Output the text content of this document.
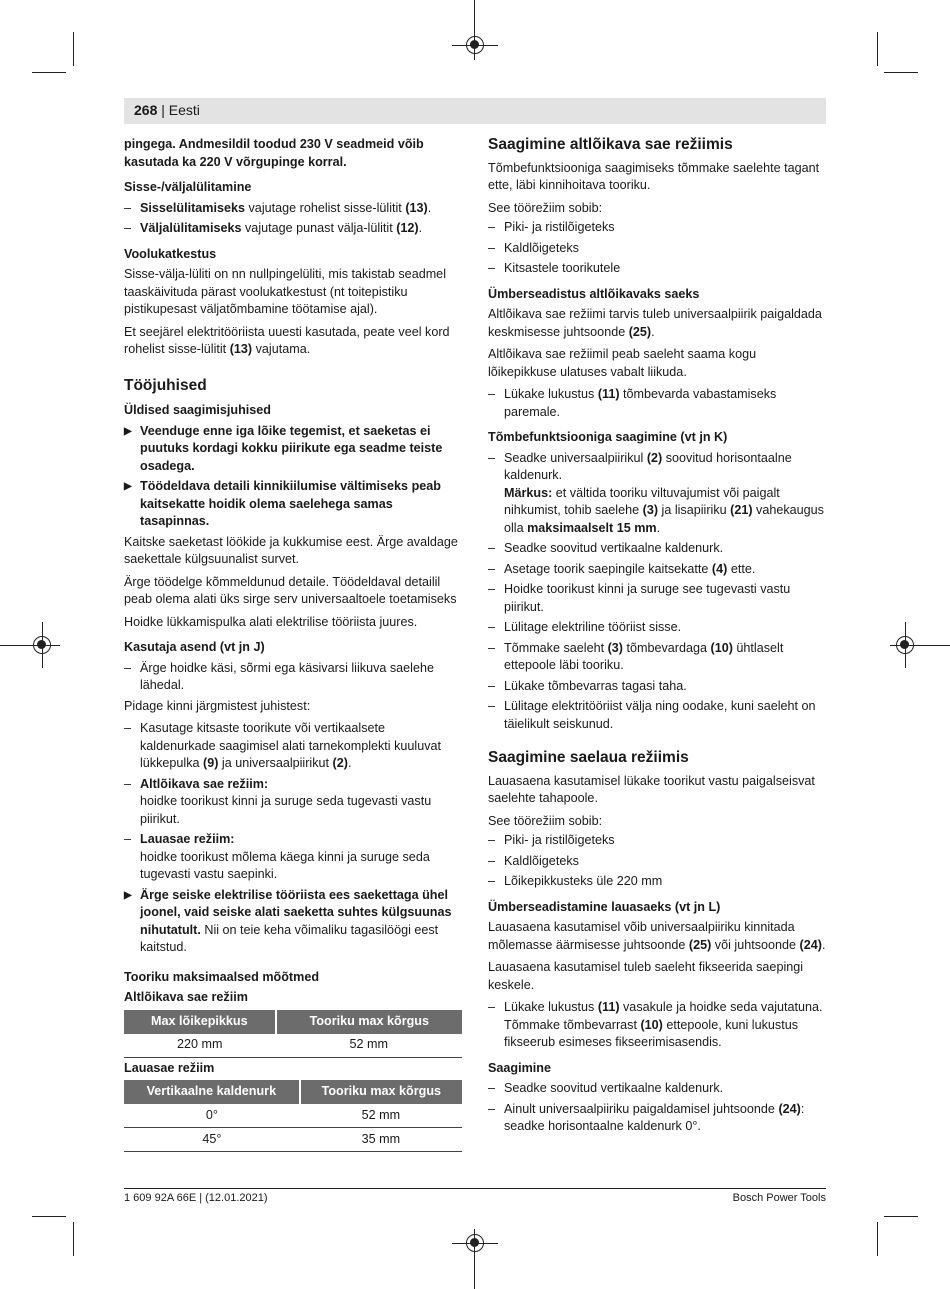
268 | Eesti

pingega. Andmesildil toodud 230 V seadmeid võib kasutada ka 220 V võrgupinge korral.

Sisse-/väljalülitamine
– Sisselülitamiseks vajutage rohelist sisse-lülitit (13).
– Väljalülitamiseks vajutage punast välja-lülitit (12).
Voolukatkestus

Sisse-välja-lüliti on nn nullpingelüliti, mis takistab seadmel taaskäivituda pärast voolukatkestust (nt toitepistiku pistikupesast väljatõmbamine töötamise ajal).

Et seejärel elektritööriista uuesti kasutada, peate veel kord rohelist sisse-lülitit (13) vajutama.

Tööjuhised
Üldised saagimisjuhised
▶ Veenduge enne iga lõike tegemist, et saeketas ei puutuks kordagi kokku piirikute ega seadme teiste osadega.
▶ Töödeldava detaili kinnikiilumise vältimiseks peab kaitsekatte hoidik olema saelehega samas tasapinnas.

Kaitske saeketast löökide ja kukkumise eest. Ärge avaldage saekettale külgsuunalist survet.

Ärge töödelge kõmmeldunud detaile. Töödeldaval detailil peab olema alati üks sirge serv universaaltoele toetamiseks

Hoidke lükkamispulka alati elektrilise tööriista juures.

Kasutaja asend (vt jn J)
– Ärge hoidke käsi, sõrmi ega käsivarsi liikuva saelehe lähedal.

Pidage kinni järgmistest juhistest:

– Kasutage kitsaste toorikute või vertikaalsete kaldenurkade saagimisel alati tarnekomplekti kuuluvat lükkepulka (9) ja universaalpiirikut (2).
– Altlõikava sae režiim:
hoidke toorikust kinni ja suruge seda tugevasti vastu piirikut.
– Lauasae režiim:
hoidke toorikust mõlema käega kinni ja suruge seda tugevasti vastu saepinki.
▶ Ärge seiske elektrilise tööriista ees saekettaga ühel joonel, vaid seiske alati saeketta suhtes külgsuunas nihutatult. Nii on teie keha võimaliku tagasilöögi eest kaitstud.
Tooriku maksimaalsed mõõtmed
Altlõikava sae režiim
Max lõikepikkus	Tooriku max kõrgus
220 mm	52 mm
Lauasae režiim
Vertikaalne kaldenurk	Tooriku max kõrgus
0°	52 mm
45°	35 mm
Saagimine altlõikava sae režiimis

Tõmbefunktsiooniga saagimiseks tõmmake saelehte tagant ette, läbi kinnihoitava tooriku.

See töörežiim sobib:

– Piki- ja ristilõigeteks
– Kaldlõigeteks
– Kitsastele toorikutele
Ümberseadistus altlõikavaks saeks

Altlõikava sae režiimi tarvis tuleb universaalpiirik paigaldada keskmisesse juhtsoonde (25).

Altlõikava sae režiimil peab saeleht saama kogu lõikepikkuse ulatuses vabalt liikuda.

– Lükake lukustus (11) tõmbevarda vabastamiseks paremale.
Tõmbefunktsiooniga saagimine (vt jn K)
– Seadke universaalpiirikul (2) soovitud horisontaalne kaldenurk.
Märkus: et vältida tooriku viltuvajumist või paigalt nihkumist, tohib saelehe (3) ja lisapiiriku (21) vahekaugus olla maksimaalselt 15 mm.
– Seadke soovitud vertikaalne kaldenurk.
– Asetage toorik saepingile kaitsekatte (4) ette.
– Hoidke toorikust kinni ja suruge see tugevasti vastu piirikut.
– Lülitage elektriline tööriist sisse.
– Tõmmake saeleht (3) tõmbevardaga (10) ühtlaselt ettepoole läbi tooriku.
– Lükake tõmbevarras tagasi taha.
– Lülitage elektritööriist välja ning oodake, kuni saeleht on täielikult seiskunud.
Saagimine saelaua režiimis

Lauasaena kasutamisel lükake toorikut vastu paigalseisvat saelehte tahapoole.

See töörežiim sobib:

– Piki- ja ristilõigeteks
– Kaldlõigeteks
– Lõikepikkusteks üle 220 mm
Ümberseadistamine lauasaeks (vt jn L)

Lauasaena kasutamisel võib universaalpiiriku kinnitada mõlemasse äärmisesse juhtsoonde (25) või juhtsoonde (24).

Lauasaena kasutamisel tuleb saeleht fikseerida saepingi keskele.

– Lükake lukustus (11) vasakule ja hoidke seda vajutatuna. Tõmmake tõmbevarrast (10) ettepoole, kuni lukustus fikseerub esimeses fikseerimisasendis.
Saagimine
– Seadke soovitud vertikaalne kaldenurk.
– Ainult universaalpiiriku paigaldamisel juhtsoonde (24): seadke horisontaalne kaldenurk 0°.
1 609 92A 66E | (12.01.2021)	Bosch Power Tools
